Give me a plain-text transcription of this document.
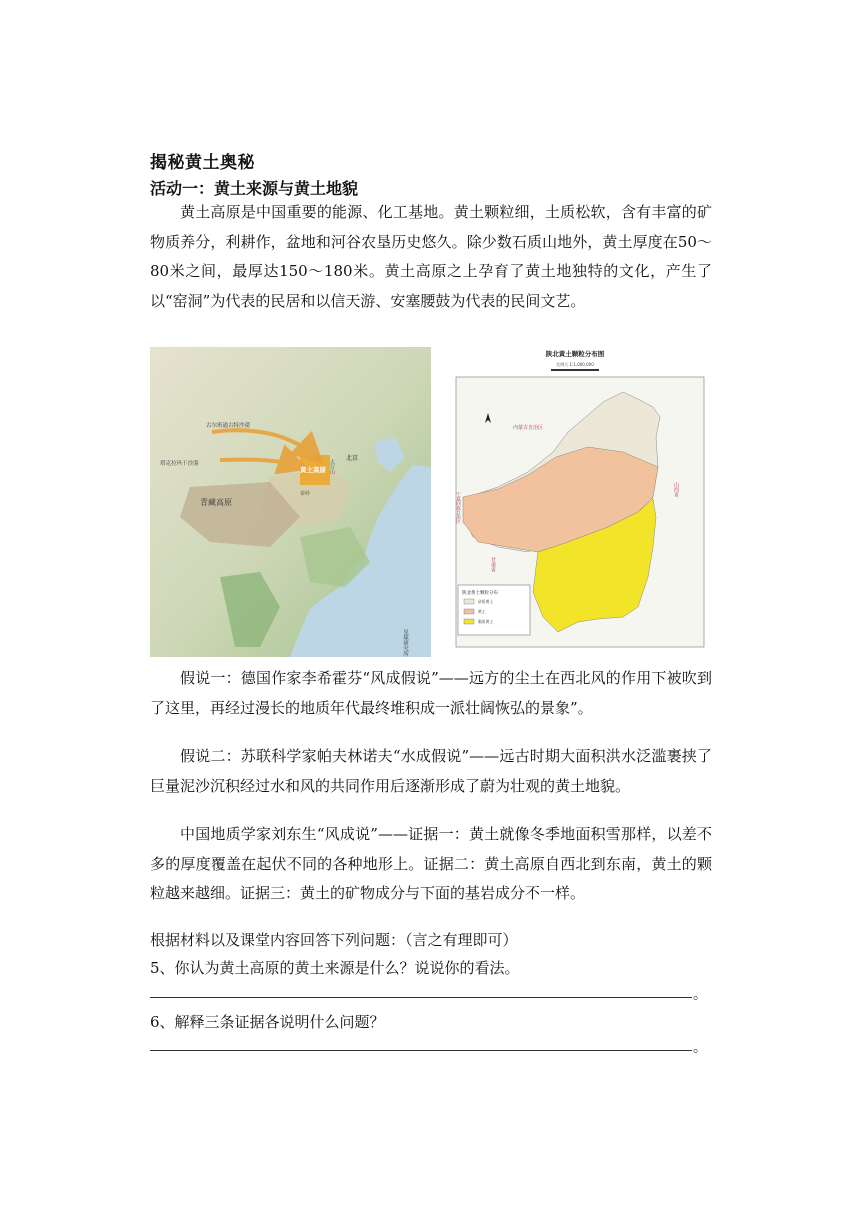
揭秘黄土奥秘
活动一：黄土来源与黄土地貌

黄土高原是中国重要的能源、化工基地。黄土颗粒细，土质松软，含有丰富的矿物质养分，利耕作，盆地和河谷农垦历史悠久。除少数石质山地外，黄土厚度在50～80米之间，最厚达150～180米。黄土高原之上孕育了黄土地独特的文化，产生了以“窑洞”为代表的民居和以信天游、安塞腰鼓为代表的民间文艺。

古尔班通古特沙漠
塔克拉玛干沙漠
黄土高原
北京
青藏高原
太行山
秦岭
星球研究所
陕北黄土颗粒分布图
比例尺 1:1,000,000
内蒙古自治区
宁夏回族自治区
山西省
甘肃省
陕北黄土颗粒分布
砂质黄土
黄土
黏质黄土

假说一：德国作家李希霍芬“风成假说”——远方的尘土在西北风的作用下被吹到了这里，再经过漫长的地质年代最终堆积成一派壮阔恢弘的景象”。

假说二：苏联科学家帕夫林诺夫“水成假说”——远古时期大面积洪水泛滥裹挟了巨量泥沙沉积经过水和风的共同作用后逐渐形成了蔚为壮观的黄土地貌。

中国地质学家刘东生“风成说”——证据一：黄土就像冬季地面积雪那样，以差不多的厚度覆盖在起伏不同的各种地形上。证据二：黄土高原自西北到东南，黄土的颗粒越来越细。证据三：黄土的矿物成分与下面的基岩成分不一样。

根据材料以及课堂内容回答下列问题：（言之有理即可）

5、你认为黄土高原的黄土来源是什么？说说你的看法。

。

6、解释三条证据各说明什么问题？

。
